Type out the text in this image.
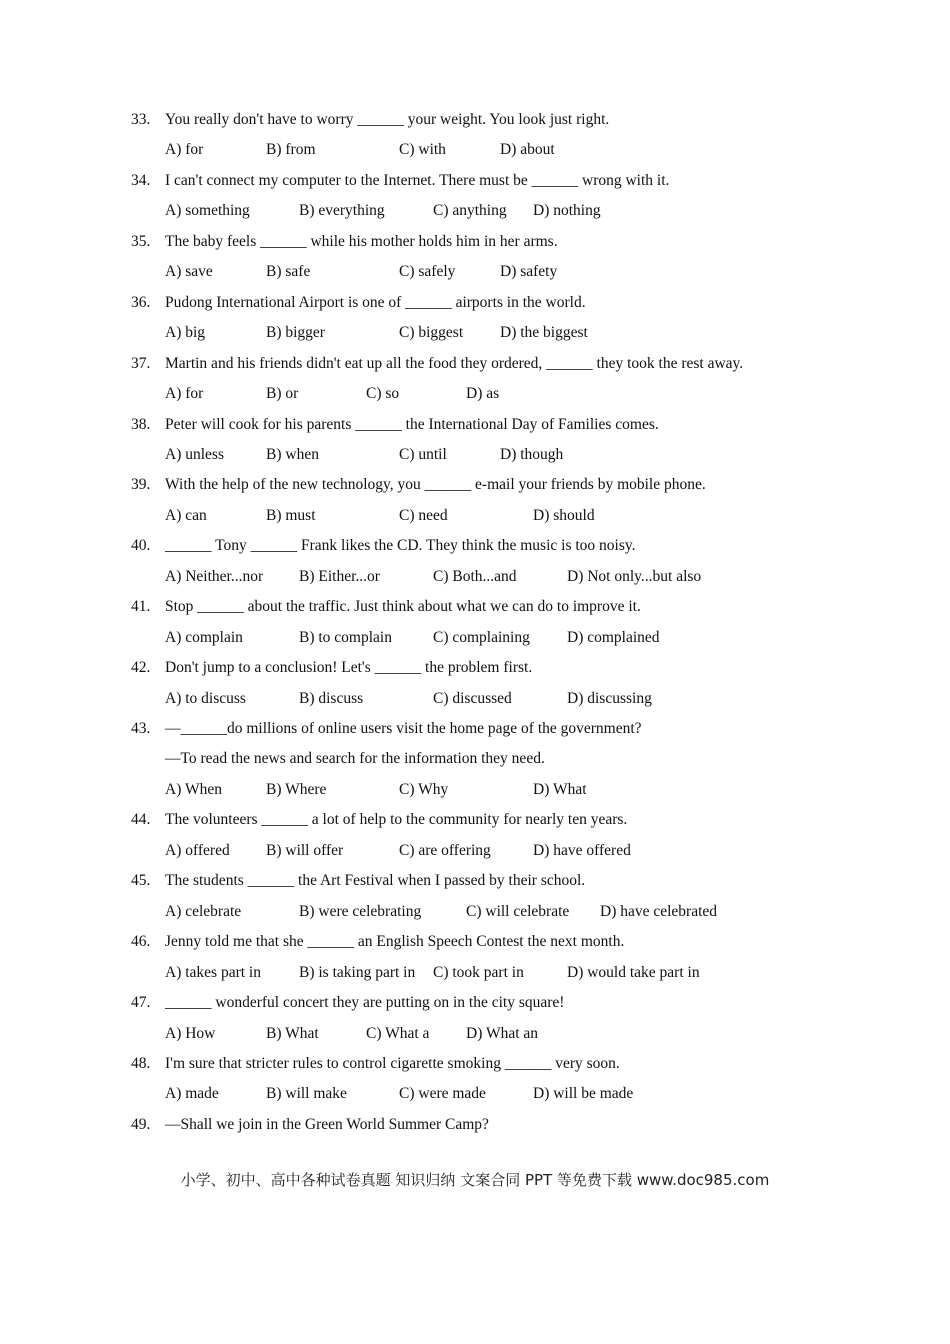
33. You really don't have to worry ______ your weight. You look just right.
A) for	B) from	C) with	D) about
34. I can't connect my computer to the Internet. There must be ______ wrong with it.
A) something	B) everything	C) anything D) nothing
35. The baby feels ______ while his mother holds him in her arms.
A) save	B) safe	C) safely	D) safety
36. Pudong International Airport is one of ______ airports in the world.
A) big	B) bigger	C) biggest D) the biggest
37. Martin and his friends didn't eat up all the food they ordered, ______ they took the rest away.
A) for	B) or	C) so	D) as
38. Peter will cook for his parents ______ the International Day of Families comes.
A) unless	B) when	C) until	D) though
39. With the help of the new technology, you ______ e-mail your friends by mobile phone.
A) can	B) must	C) need	D) should
40. ______ Tony ______ Frank likes the CD. They think the music is too noisy.
A) Neither...nor B) Either...or	C) Both...and	D) Not only...but also
41. Stop ______ about the traffic. Just think about what we can do to improve it.
A) complain	B) to complain	C) complaining D) complained
42. Don't jump to a conclusion! Let's ______ the problem first.
A) to discuss	B) discuss	C) discussed	D) discussing
43. —______do millions of online users visit the home page of the government?
—To read the news and search for the information they need.
A) When	B) Where	C) Why	D) What
44. The volunteers ______ a lot of help to the community for nearly ten years.
A) offered B) will offer	C) are offering	D) have offered
45. The students ______ the Art Festival when I passed by their school.
A) celebrate	B) were celebrating	C) will celebrate D) have celebrated
46. Jenny told me that she ______ an English Speech Contest the next month.
A) takes part in B) is taking part in C) took part in	D) would take part in
47. ______ wonderful concert they are putting on in the city square!
A) How	B) What	C) What a D) What an
48. I'm sure that stricter rules to control cigarette smoking ______ very soon.
A) made	B) will make	C) were made	D) will be made
49. —Shall we join in the Green World Summer Camp?
小学、初中、高中各种试卷真题 知识归纳 文案合同 PPT 等免费下载 www.doc985.com
